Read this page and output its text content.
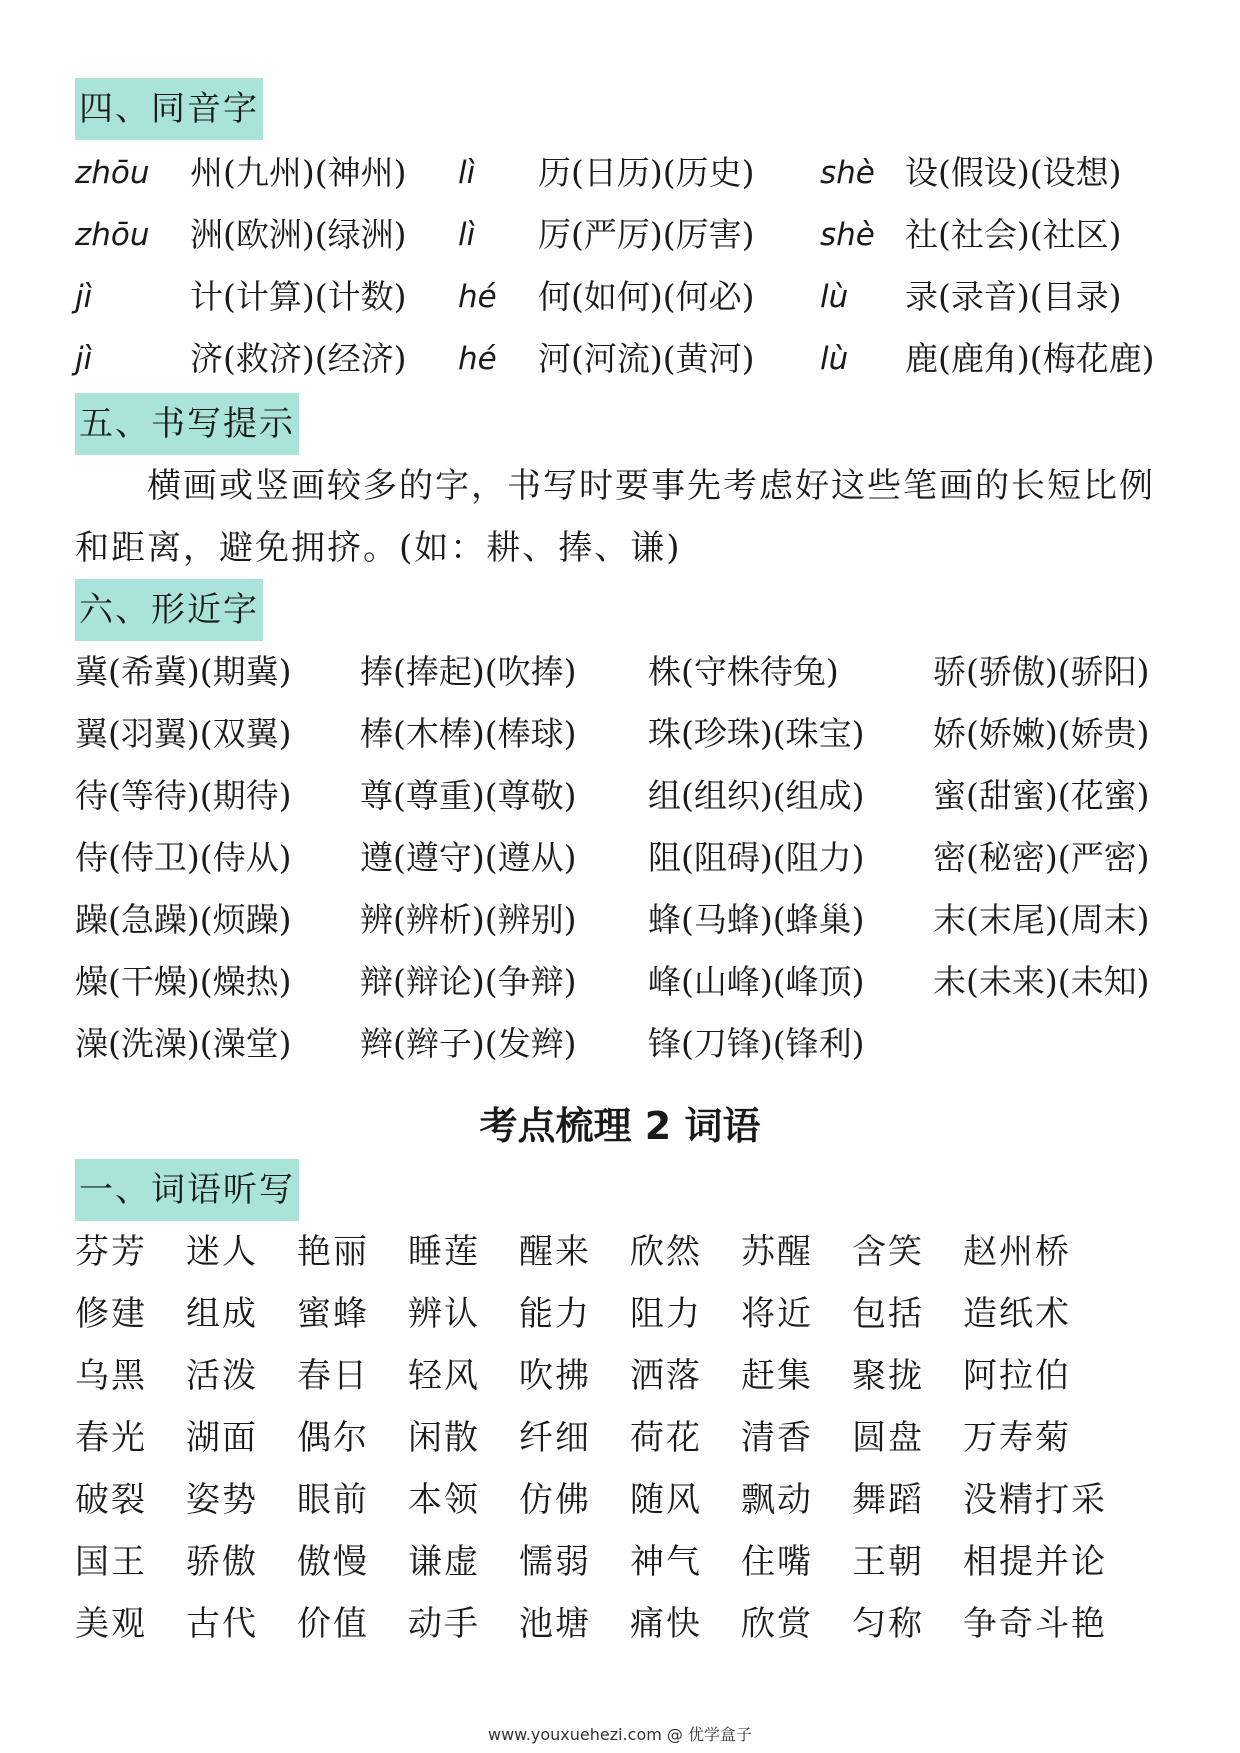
四、同音字
zhōu 州(九州)(神州) lì 历(日历)(历史) shè 设(假设)(设想)
zhōu 洲(欧洲)(绿洲) lì 厉(严厉)(厉害) shè 社(社会)(社区)
jì	计(计算)(计数) hé 何(如何)(何必) lù 录(录音)(目录)
jì	济(救济)(经济) hé 河(河流)(黄河) lù 鹿(鹿角)(梅花鹿)
五、书写提示
横画或竖画较多的字，书写时要事先考虑好这些笔画的长短比例和距离，避免拥挤。(如：耕、捧、谦)
六、形近字
冀(希冀)(期冀) 捧(捧起)(吹捧) 株(守株待兔)	骄(骄傲)(骄阳)
翼(羽翼)(双翼) 棒(木棒)(棒球) 珠(珍珠)(珠宝) 娇(娇嫩)(娇贵)
待(等待)(期待) 尊(尊重)(尊敬) 组(组织)(组成) 蜜(甜蜜)(花蜜)
侍(侍卫)(侍从) 遵(遵守)(遵从) 阻(阻碍)(阻力) 密(秘密)(严密)
躁(急躁)(烦躁) 辨(辨析)(辨别) 蜂(马蜂)(蜂巢) 末(末尾)(周末)
燥(干燥)(燥热) 辩(辩论)(争辩) 峰(山峰)(峰顶) 未(未来)(未知)
澡(洗澡)(澡堂) 辫(辫子)(发辫) 锋(刀锋)(锋利)
考点梳理 2 词语
一、词语听写
芬芳 迷人 艳丽 睡莲 醒来 欣然 苏醒 含笑 赵州桥
修建 组成 蜜蜂 辨认 能力 阻力 将近 包括 造纸术
乌黑 活泼 春日 轻风 吹拂 洒落 赶集 聚拢 阿拉伯
春光 湖面 偶尔 闲散 纤细 荷花 清香 圆盘 万寿菊
破裂 姿势 眼前 本领 仿佛 随风 飘动 舞蹈 没精打采
国王 骄傲 傲慢 谦虚 懦弱 神气 住嘴 王朝 相提并论
美观 古代 价值 动手 池塘 痛快 欣赏 匀称 争奇斗艳
www.youxuehezi.com @ 优学盒子
